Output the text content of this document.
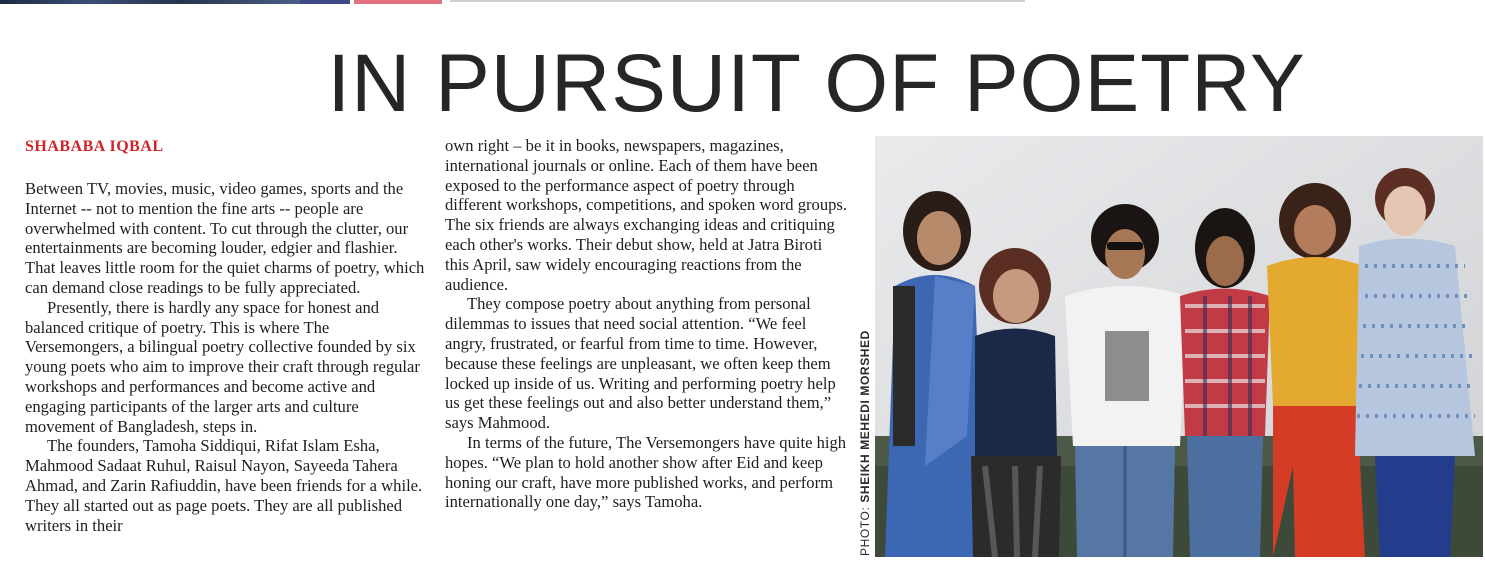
IN PURSUIT OF POETRY
SHABABA IQBAL

Between TV, movies, music, video games, sports and the Internet -- not to mention the fine arts -- people are overwhelmed with content. To cut through the clutter, our entertainments are becoming louder, edgier and flashier. That leaves little room for the quiet charms of poetry, which can demand close readings to be fully appreciated.

Presently, there is hardly any space for honest and balanced critique of poetry. This is where The Versemongers, a bilingual poetry collective founded by six young poets who aim to improve their craft through regular workshops and performances and become active and engaging participants of the larger arts and culture movement of Bangladesh, steps in.

The founders, Tamoha Siddiqui, Rifat Islam Esha, Mahmood Sadaat Ruhul, Raisul Nayon, Sayeeda Tahera Ahmad, and Zarin Rafiuddin, have been friends for a while. They all started out as page poets. They are all published writers in their

own right – be it in books, newspapers, magazines, international journals or online. Each of them have been exposed to the performance aspect of poetry through different workshops, competitions, and spoken word groups. The six friends are always exchanging ideas and critiquing each other's works. Their debut show, held at Jatra Biroti this April, saw widely encouraging reactions from the audience.

They compose poetry about anything from personal dilemmas to issues that need social attention. “We feel angry, frustrated, or fearful from time to time. However, because these feelings are unpleasant, we often keep them locked up inside of us. Writing and performing poetry help us get these feelings out and also better understand them,” says Mahmood.

In terms of the future, The Versemongers have quite high hopes. “We plan to hold another show after Eid and keep honing our craft, have more published works, and perform internationally one day,” says Tamoha.

PHOTO: SHEIKH MEHEDI MORSHED
